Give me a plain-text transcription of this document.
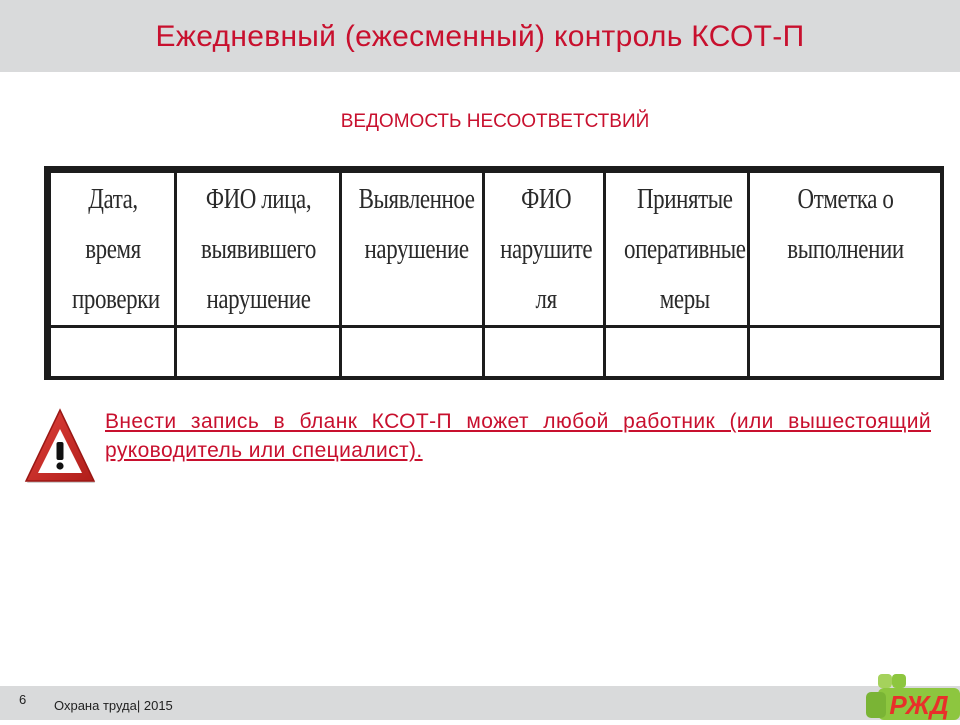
Ежедневный (ежесменный) контроль КСОТ-П
ВЕДОМОСТЬ НЕСООТВЕТСТВИЙ
Дата, время проверки	ФИО лица, выявившего нарушение	Выявленное нарушение	ФИО нарушите ля	Принятые оперативные меры	Отметка о выполнении

Внести запись в бланк КСОТ-П может любой работник (или вышестоящий руководитель или специалист).
6 Охрана труда| 2015	РЖД
